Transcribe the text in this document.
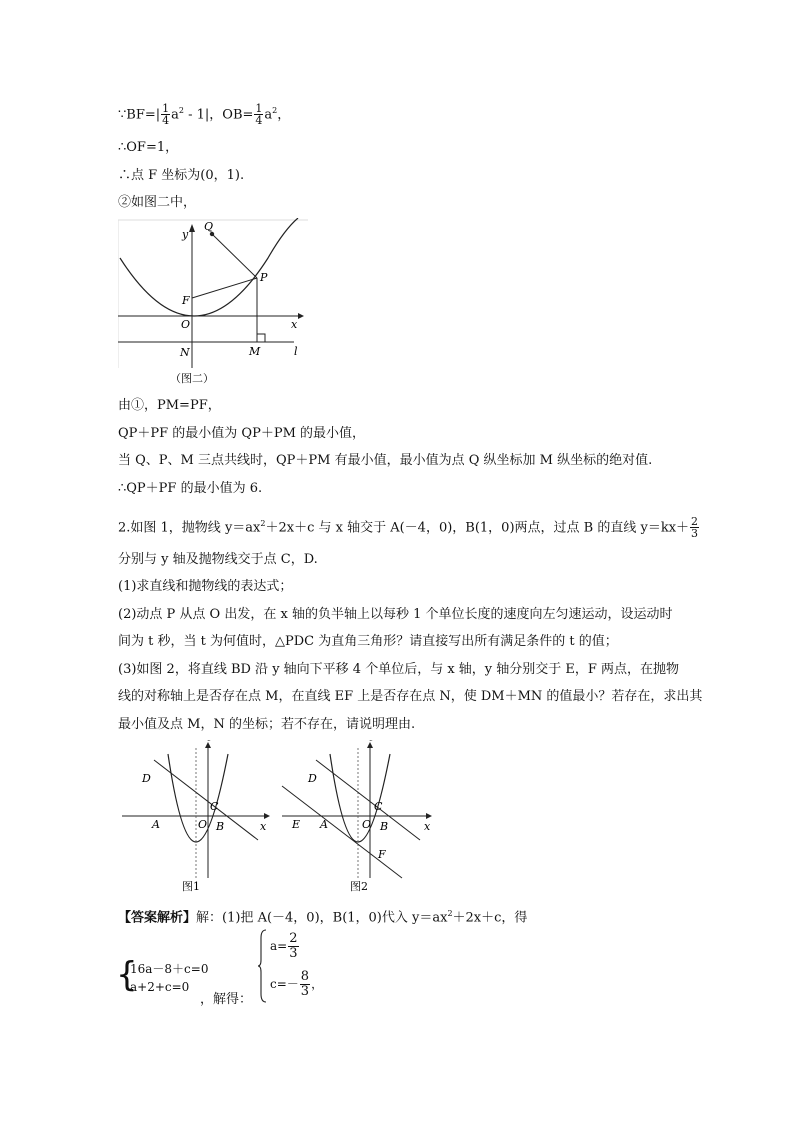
∵BF=| $\frac{1}{4} a^2 - 1|$，$OB= \frac{1}{4} a^2$，
∴OF=1，
∴点 F 坐标为(0，1).
②如图二中，
y
Q
P
F
O	x
N	M	l
（图二）
由①，PM=PF，
QP＋PF 的最小值为 QP＋PM 的最小值，
当 Q、P、M 三点共线时，QP＋PM 有最小值，最小值为点 Q 纵坐标加 M 纵坐标的绝对值.
∴QP＋PF 的最小值为 6.
2.如图 1，抛物线 $y=ax^2+2x+c$ 与 x 轴交于 A(－4，0)，B(1，0)两点，过点 B 的直线 $y=kx+ \frac{2}{3}$
分别与 y 轴及抛物线交于点 C，D.
(1)求直线和抛物线的表达式；
(2)动点 P 从点 O 出发，在 x 轴的负半轴上以每秒 1 个单位长度的速度向左匀速运动，设运动时
间为 t 秒，当 t 为何值时，△PDC 为直角三角形？请直接写出所有满足条件的 t 的值；
(3)如图 2，将直线 BD 沿 y 轴向下平移 4 个单位后，与 x 轴，y 轴分别交于 E，F 两点，在抛物
线的对称轴上是否存在点 M，在直线 EF 上是否存在点 N，使 DM＋MN 的值最小？若存在，求出其
最小值及点 M，N 的坐标；若不存在，请说明理由.
D
C
A	O B	x
图1
D
C
E A	O B	x
F
图2
【答案解析】解：(1)把 A(－4，0)，B(1，0)代入 $y=ax^2+2x+c$，得
{
16a－8＋c=0
a+2+c=0
，解得：
$a= \frac{2}{3}$
$c=- \frac{8}{3}$ ，
